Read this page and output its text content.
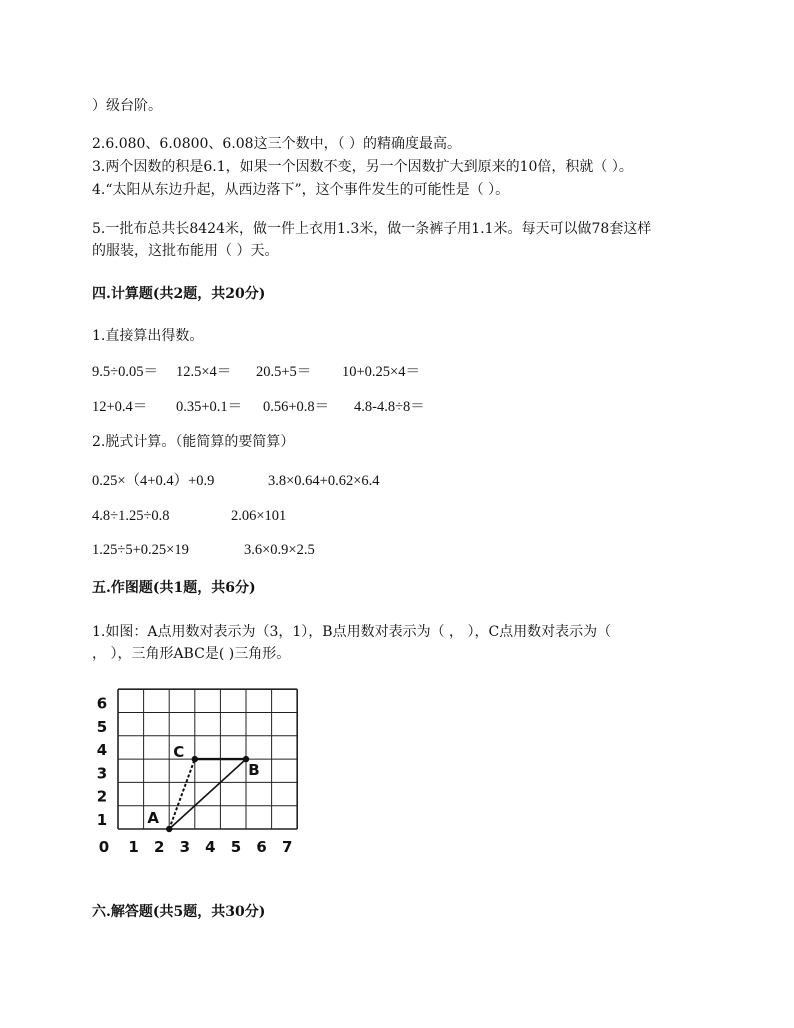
）级台阶。
2.6.080、6.0800、6.08这三个数中，（ ）的精确度最高。
3.两个因数的积是6.1，如果一个因数不变，另一个因数扩大到原来的10倍，积就（ ）。
4.“太阳从东边升起，从西边落下”，这个事件发生的可能性是（ ）。
5.一批布总共长8424米，做一件上衣用1.3米，做一条裤子用1.1米。每天可以做78套这样
的服装，这批布能用（ ）天。
四.计算题(共2题，共20分)
1.直接算出得数。
9.5÷0.05＝ 12.5×4＝ 20.5+5＝ 10+0.25×4＝
12+0.4＝ 0.35+0.1＝ 0.56+0.8＝ 4.8-4.8÷8＝
2.脱式计算。（能简算的要简算）
0.25×（4+0.4）+0.9	3.8×0.64+0.62×6.4
4.8÷1.25÷0.8	2.06×101
1.25÷5+0.25×19	3.6×0.9×2.5
五.作图题(共1题，共6分)
1.如图：A点用数对表示为（3，1），B点用数对表示为（ ， ），C点用数对表示为（
， ），三角形ABC是( )三角形。
0 1 2 3 4 5 6 7
1
2
3
4
5
6
A
B
C
六.解答题(共5题，共30分)
